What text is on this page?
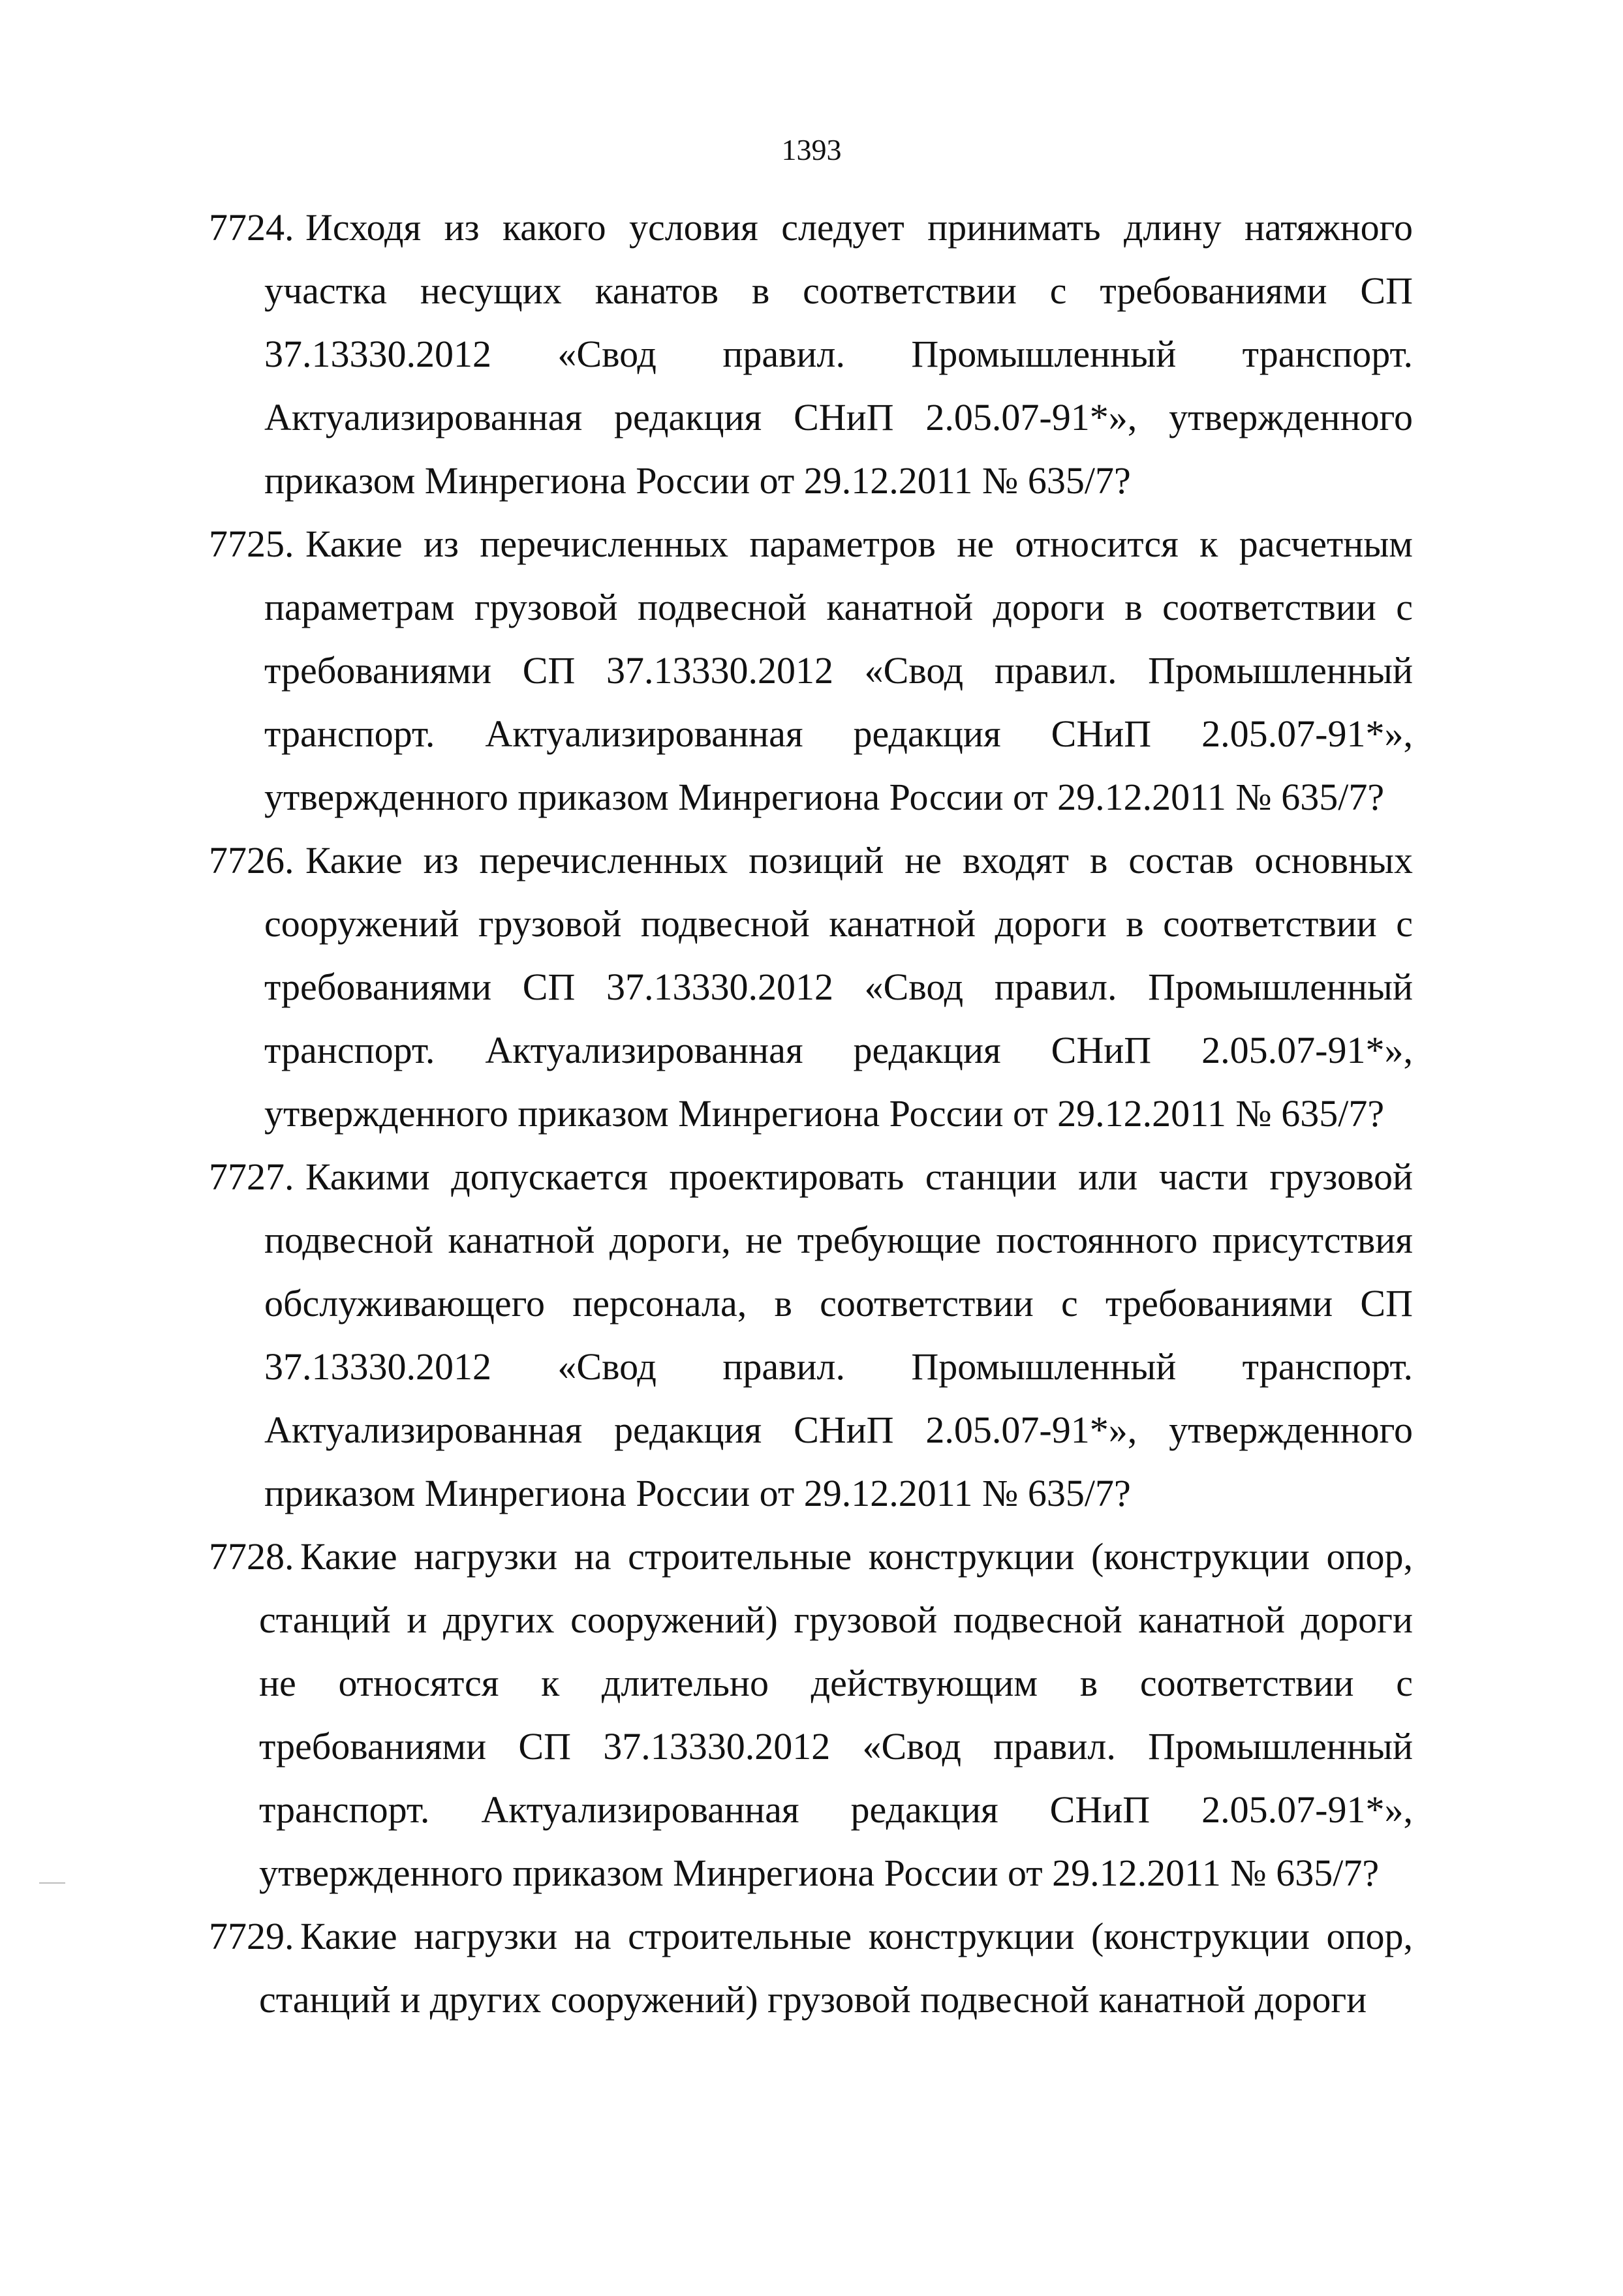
1393
7724. Исходя из какого условия следует принимать длину натяжного участка несущих канатов в соответствии с требованиями СП 37.13330.2012 «Свод правил. Промышленный транспорт. Актуализированная редакция СНиП 2.05.07-91*», утвержденного приказом Минрегиона России от 29.12.2011 № 635/7?
7725. Какие из перечисленных параметров не относится к расчетным параметрам грузовой подвесной канатной дороги в соответствии с требованиями СП 37.13330.2012 «Свод правил. Промышленный транспорт. Актуализированная редакция СНиП 2.05.07-91*», утвержденного приказом Минрегиона России от 29.12.2011 № 635/7?
7726. Какие из перечисленных позиций не входят в состав основных сооружений грузовой подвесной канатной дороги в соответствии с требованиями СП 37.13330.2012 «Свод правил. Промышленный транспорт. Актуализированная редакция СНиП 2.05.07-91*», утвержденного приказом Минрегиона России от 29.12.2011 № 635/7?
7727. Какими допускается проектировать станции или части грузовой подвесной канатной дороги, не требующие постоянного присутствия обслуживающего персонала, в соответствии с требованиями СП 37.13330.2012 «Свод правил. Промышленный транспорт. Актуализированная редакция СНиП 2.05.07-91*», утвержденного приказом Минрегиона России от 29.12.2011 № 635/7?
7728. Какие нагрузки на строительные конструкции (конструкции опор, станций и других сооружений) грузовой подвесной канатной дороги не относятся к длительно действующим в соответствии с требованиями СП 37.13330.2012 «Свод правил. Промышленный транспорт. Актуализированная редакция СНиП 2.05.07-91*», утвержденного приказом Минрегиона России от 29.12.2011 № 635/7?
7729. Какие нагрузки на строительные конструкции (конструкции опор, станций и других сооружений) грузовой подвесной канатной дороги
